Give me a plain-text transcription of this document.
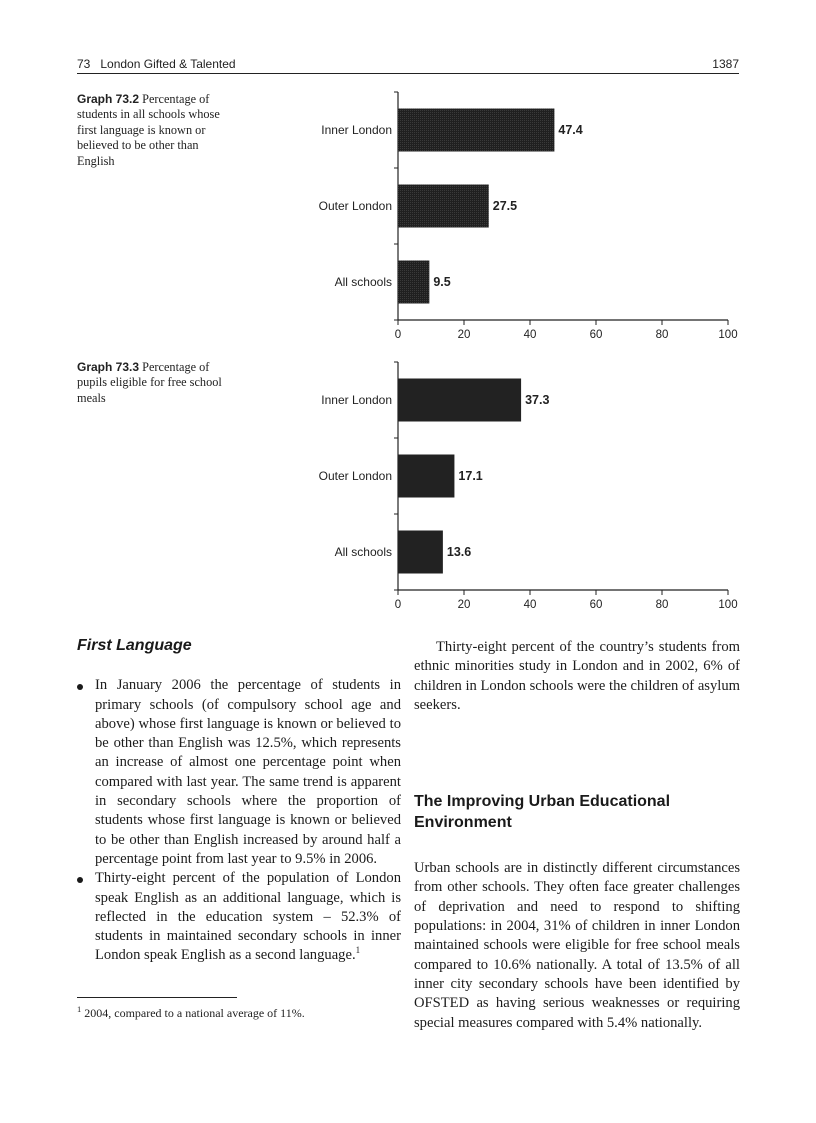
73 London Gifted & Talented	1387
Graph 73.2 Percentage of students in all schools whose first language is known or believed to be other than English
Graph 73.3 Percentage of pupils eligible for free school meals
0	20	40	60	80	100
Inner London	47.4
Outer London	27.5
All schools	9.5
0	20	40	60	80	100
Inner London	37.3
Outer London	17.1
All schools	13.6
First Language
In January 2006 the percentage of students in primary schools (of compulsory school age and above) whose first language is known or believed to be other than English was 12.5%, which represents an increase of almost one percentage point when compared with last year. The same trend is apparent in secondary schools where the proportion of students whose first language is known or believed to be other than English increased by around half a percentage point from last year to 9.5% in 2006.
Thirty-eight percent of the population of London speak English as an additional language, which is reflected in the education system – 52.3% of students in maintained secondary schools in inner London speak English as a second language.$^1$

Thirty-eight percent of the country’s students from ethnic minorities study in London and in 2002, 6% of children in London schools were the children of asylum seekers.

The Improving Urban Educational Environment

Urban schools are in distinctly different circumstances from other schools. They often face greater challenges of deprivation and need to respond to shifting populations: in 2004, 31% of children in inner London maintained schools were eligible for free school meals compared to 10.6% nationally. A total of 13.5% of all inner city secondary schools have been identified by OFSTED as having serious weaknesses or requiring special measures compared with 5.4% nationally.

$^1$ 2004, compared to a national average of 11%.
